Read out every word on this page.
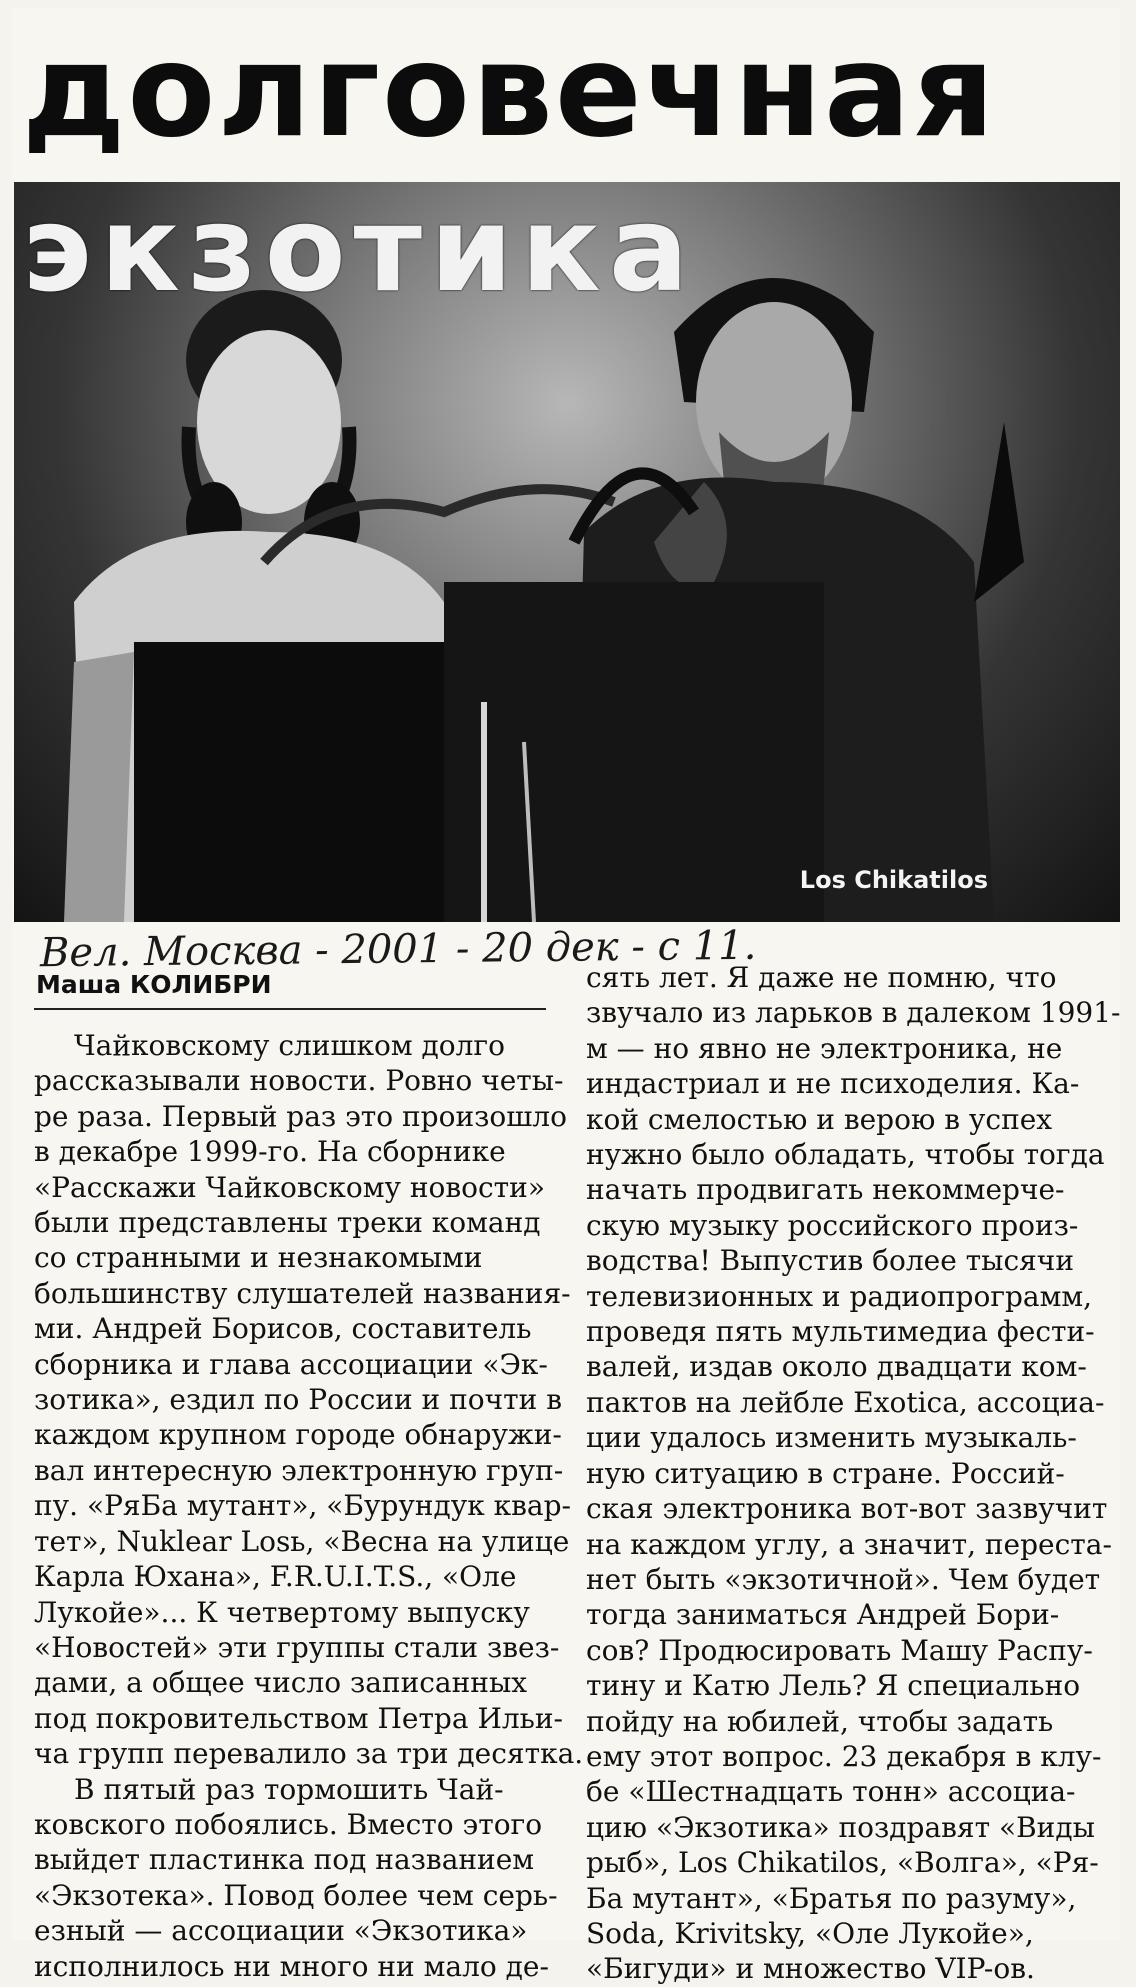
долговечная
экзотика
Los Chikatilos
Вел. Москва - 2001 - 20 дек - с 11.
Маша КОЛИБРИ
Чайковскому слишком долго
рассказывали новости. Ровно четы-
ре раза. Первый раз это произошло
в декабре 1999-го. На сборнике
«Расскажи Чайковскому новости»
были представлены треки команд
со странными и незнакомыми
большинству слушателей названия-
ми. Андрей Борисов, составитель
сборника и глава ассоциации «Эк-
зотика», ездил по России и почти в
каждом крупном городе обнаружи-
вал интересную электронную груп-
пу. «РяБа мутант», «Бурундук квар-
тет», Nuklear Losь, «Весна на улице
Карла Юхана», F.R.U.I.T.S., «Оле
Лукойе»... К четвертому выпуску
«Новостей» эти группы стали звез-
дами, а общее число записанных
под покровительством Петра Ильи-
ча групп перевалило за три десятка.
В пятый раз тормошить Чай-
ковского побоялись. Вместо этого
выйдет пластинка под названием
«Экзотека». Повод более чем серь-
езный — ассоциации «Экзотика»
исполнилось ни много ни мало де-
сять лет. Я даже не помню, что
звучало из ларьков в далеком 1991-
м — но явно не электроника, не
индастриал и не психоделия. Ка-
кой смелостью и верою в успех
нужно было обладать, чтобы тогда
начать продвигать некоммерче-
скую музыку российского произ-
водства! Выпустив более тысячи
телевизионных и радиопрограмм,
проведя пять мультимедиа фести-
валей, издав около двадцати ком-
пактов на лейбле Exotica, ассоциа-
ции удалось изменить музыкаль-
ную ситуацию в стране. Россий-
ская электроника вот-вот зазвучит
на каждом углу, а значит, переста-
нет быть «экзотичной». Чем будет
тогда заниматься Андрей Бори-
сов? Продюсировать Машу Распу-
тину и Катю Лель? Я специально
пойду на юбилей, чтобы задать
ему этот вопрос. 23 декабря в клу-
бе «Шестнадцать тонн» ассоциа-
цию «Экзотика» поздравят «Виды
рыб», Los Chikatilos, «Волга», «Ря-
Ба мутант», «Братья по разуму»,
Soda, Krivitsky, «Оле Лукойе»,
«Бигуди» и множество VIP-ов.
